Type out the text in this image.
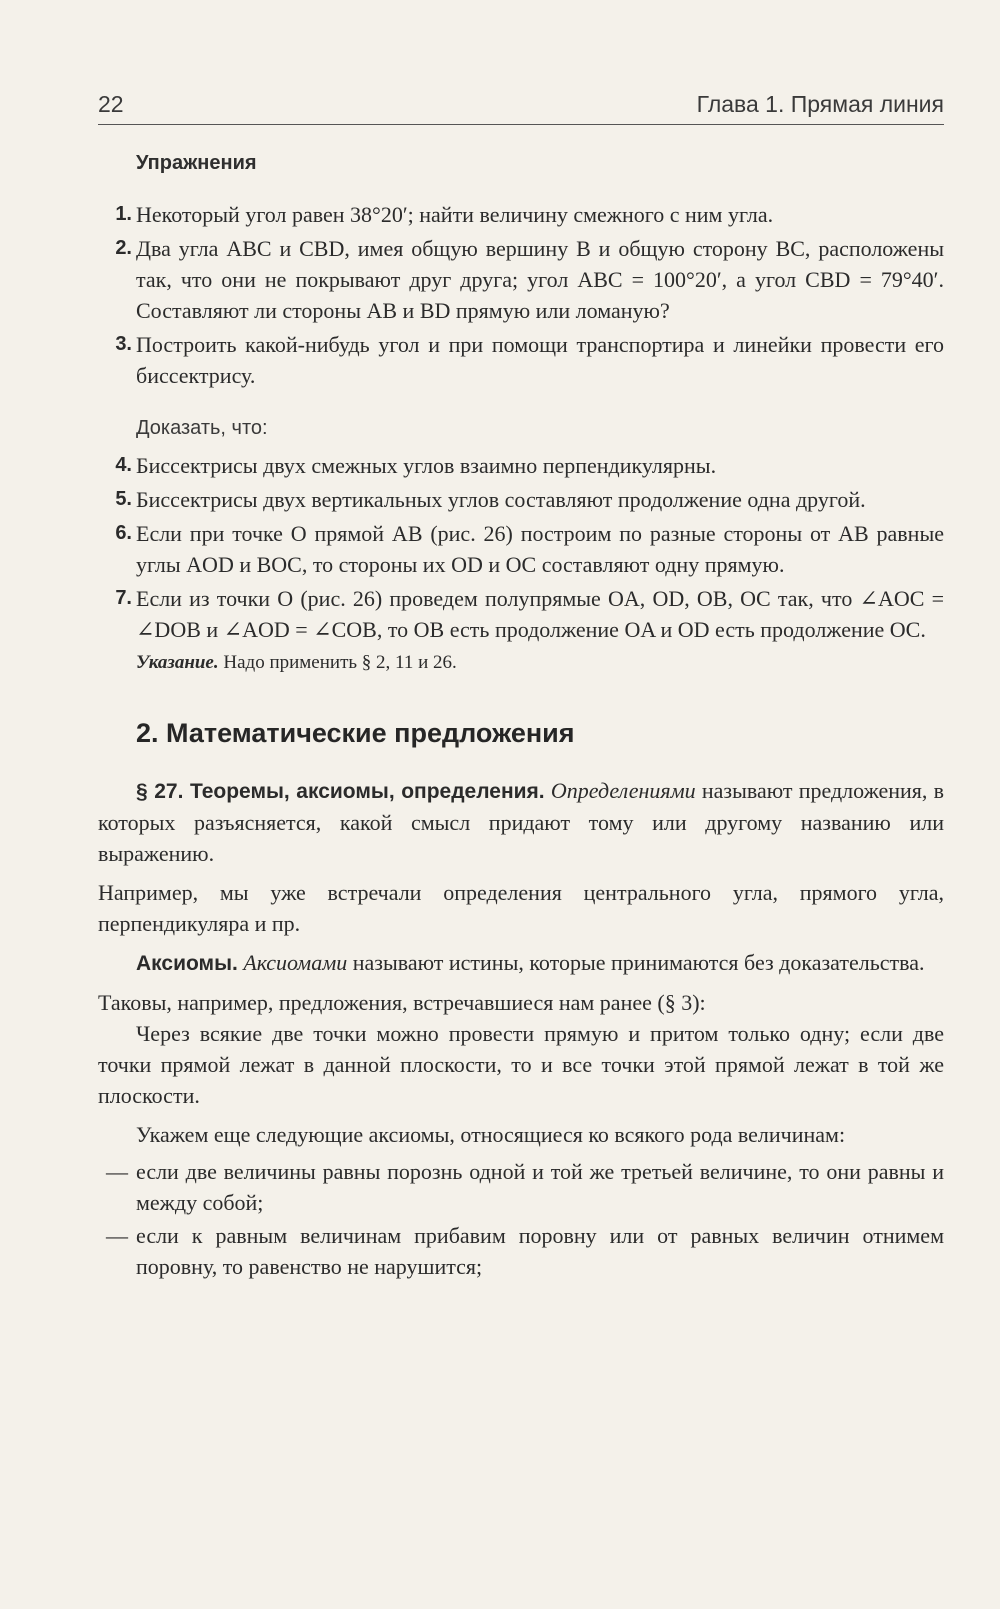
22	Глава 1. Прямая линия
Упражнения
1. Некоторый угол равен 38°20′; найти величину смежного с ним угла.
2. Два угла ABC и CBD, имея общую вершину B и общую сторону BC, расположены так, что они не покрывают друг друга; угол ABC = 100°20′, а угол CBD = 79°40′. Составляют ли стороны AB и BD прямую или ломаную?
3. Построить какой-нибудь угол и при помощи транспортира и линейки провести его биссектрису.
Доказать, что:
4. Биссектрисы двух смежных углов взаимно перпендикулярны.
5. Биссектрисы двух вертикальных углов составляют продолжение одна другой.
6. Если при точке O прямой AB (рис. 26) построим по разные стороны от AB равные углы AOD и BOC, то стороны их OD и OC составляют одну прямую.
7. Если из точки O (рис. 26) проведем полупрямые OA, OD, OB, OC так, что ∠AOC = ∠DOB и ∠AOD = ∠COB, то OB есть продолжение OA и OD есть продолжение OC.
Указание. Надо применить § 2, 11 и 26.
2. Математические предложения

§ 27. Теоремы, аксиомы, определения. Определениями называют предложения, в которых разъясняется, какой смысл придают тому или другому названию или выражению.

Например, мы уже встречали определения центрального угла, прямого угла, перпендикуляра и пр.

Аксиомы. Аксиомами называют истины, которые принимаются без доказательства.

Таковы, например, предложения, встречавшиеся нам ранее (§ 3):

Через всякие две точки можно провести прямую и притом только одну; если две точки прямой лежат в данной плоскости, то и все точки этой прямой лежат в той же плоскости.

Укажем еще следующие аксиомы, относящиеся ко всякого рода величинам:

— если две величины равны порознь одной и той же третьей величине, то они равны и между собой;
— если к равным величинам прибавим поровну или от равных величин отнимем поровну, то равенство не нарушится;
